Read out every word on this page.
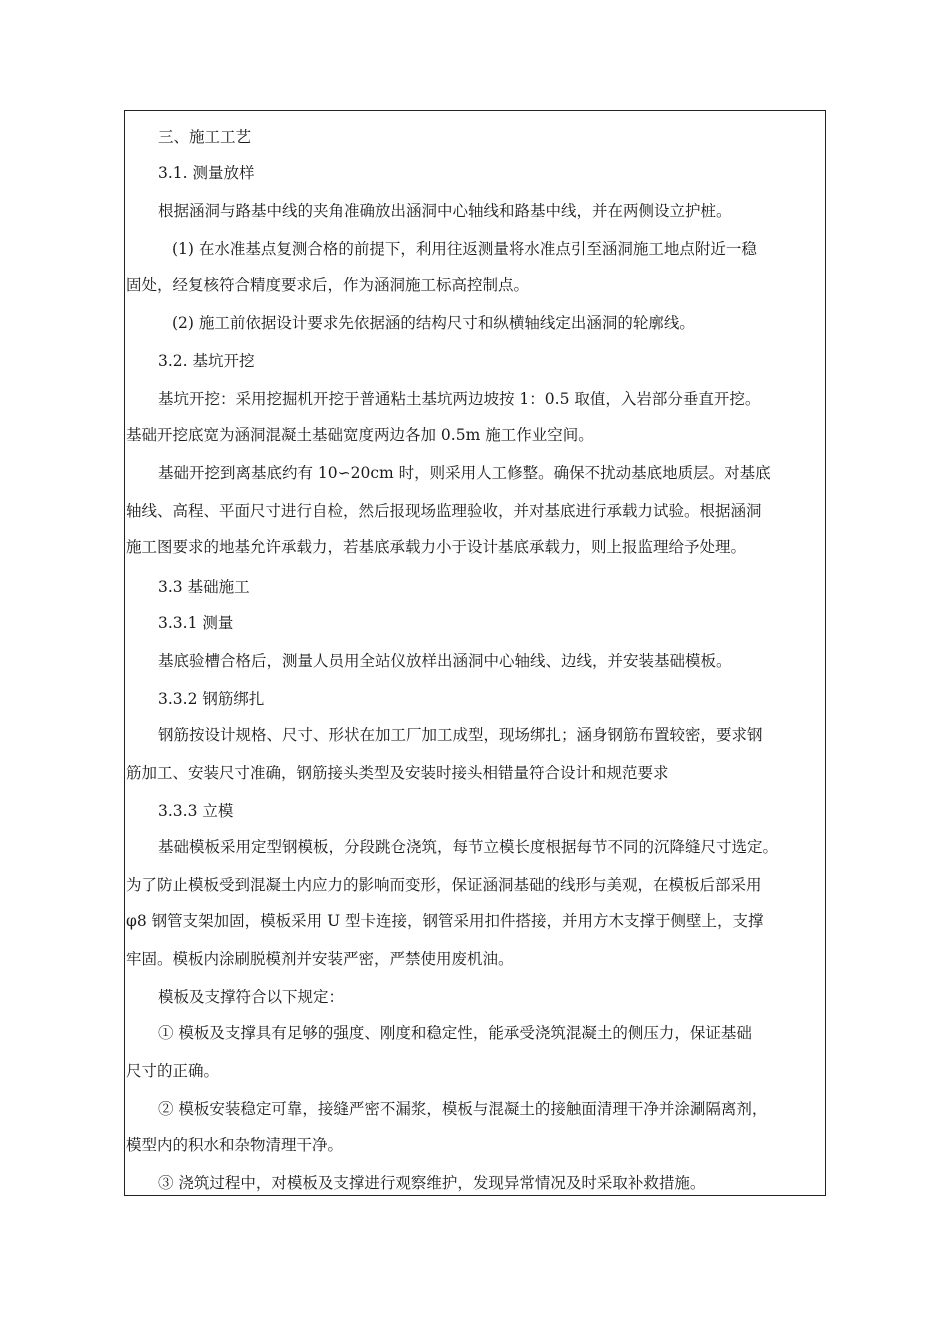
三、施工工艺
3.1. 测量放样
根据涵洞与路基中线的夹角准确放出涵洞中心轴线和路基中线，并在两侧设立护桩。
(1) 在水准基点复测合格的前提下，利用往返测量将水准点引至涵洞施工地点附近一稳
固处，经复核符合精度要求后，作为涵洞施工标高控制点。
(2) 施工前依据设计要求先依据涵的结构尺寸和纵横轴线定出涵洞的轮廓线。
3.2. 基坑开挖
基坑开挖：采用挖掘机开挖于普通粘土基坑两边坡按 1：0.5 取值，入岩部分垂直开挖。
基础开挖底宽为涵洞混凝土基础宽度两边各加 0.5m 施工作业空间。
基础开挖到离基底约有 10∽20cm 时，则采用人工修整。确保不扰动基底地质层。对基底
轴线、高程、平面尺寸进行自检，然后报现场监理验收，并对基底进行承载力试验。根据涵洞
施工图要求的地基允许承载力，若基底承载力小于设计基底承载力，则上报监理给予处理。
3.3 基础施工
3.3.1 测量
基底验槽合格后，测量人员用全站仪放样出涵洞中心轴线、边线，并安装基础模板。
3.3.2 钢筋绑扎
钢筋按设计规格、尺寸、形状在加工厂加工成型，现场绑扎；涵身钢筋布置较密，要求钢
筋加工、安装尺寸准确，钢筋接头类型及安装时接头相错量符合设计和规范要求
3.3.3 立模
基础模板采用定型钢模板，分段跳仓浇筑，每节立模长度根据每节不同的沉降缝尺寸选定。
为了防止模板受到混凝土内应力的影响而变形，保证涵洞基础的线形与美观，在模板后部采用
φ8 钢管支架加固，模板采用 U 型卡连接，钢管采用扣件搭接，并用方木支撑于侧壁上，支撑
牢固。模板内涂刷脱模剂并安装严密，严禁使用废机油。
模板及支撑符合以下规定：
① 模板及支撑具有足够的强度、刚度和稳定性，能承受浇筑混凝土的侧压力，保证基础
尺寸的正确。
② 模板安装稳定可靠，接缝严密不漏浆，模板与混凝土的接触面清理干净并涂涮隔离剂，
模型内的积水和杂物清理干净。
③ 浇筑过程中，对模板及支撑进行观察维护，发现异常情况及时采取补救措施。
